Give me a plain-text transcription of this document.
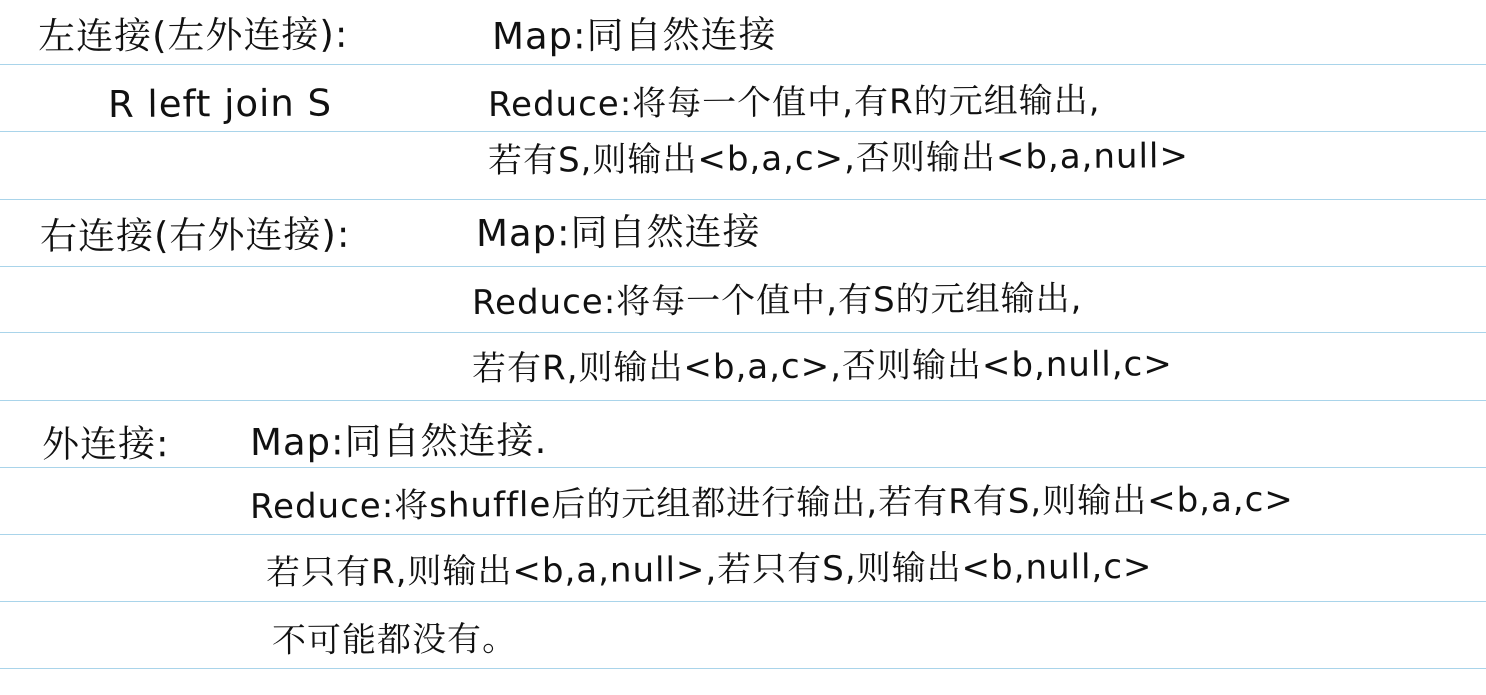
左连接(左外连接):
R left join S
Map:同自然连接
Reduce:将每一个值中,有R的元组输出,
若有S,则输出<b,a,c>,否则输出<b,a,null>
右连接(右外连接):	Map:同自然连接
Reduce:将每一个值中,有S的元组输出,
若有R,则输出<b,a,c>,否则输出<b,null,c>
外连接: Map:同自然连接.
Reduce:将shuffle后的元组都进行输出,若有R有S,则输出<b,a,c>
若只有R,则输出<b,a,null>,若只有S,则输出<b,null,c>
不可能都没有。
